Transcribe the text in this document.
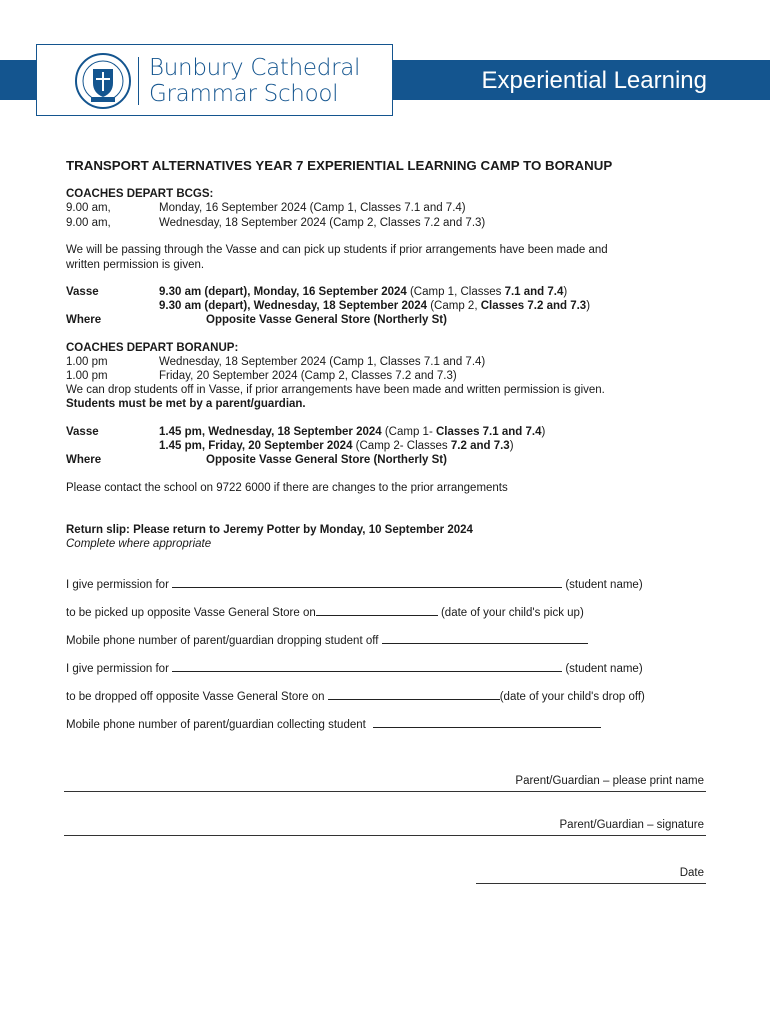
Experiential Learning
Bunbury Cathedral
Grammar School
TRANSPORT ALTERNATIVES YEAR 7 EXPERIENTIAL LEARNING CAMP TO BORANUP
COACHES DEPART BCGS:
9.00 am,	Monday, 16 September 2024 (Camp 1, Classes 7.1 and 7.4)
9.00 am,	Wednesday, 18 September 2024 (Camp 2, Classes 7.2 and 7.3)
We will be passing through the Vasse and can pick up students if prior arrangements have been made and
written permission is given.
Vasse	9.30 am (depart), Monday, 16 September 2024 (Camp 1, Classes 7.1 and 7.4)
9.30 am (depart), Wednesday, 18 September 2024 (Camp 2, Classes 7.2 and 7.3)
Where	Opposite Vasse General Store (Northerly St)
COACHES DEPART BORANUP:
1.00 pm	Wednesday, 18 September 2024 (Camp 1, Classes 7.1 and 7.4)
1.00 pm	Friday, 20 September 2024 (Camp 2, Classes 7.2 and 7.3)
We can drop students off in Vasse, if prior arrangements have been made and written permission is given.
Students must be met by a parent/guardian.
Vasse	1.45 pm, Wednesday, 18 September 2024 (Camp 1- Classes 7.1 and 7.4)
1.45 pm, Friday, 20 September 2024 (Camp 2- Classes 7.2 and 7.3)
Where	Opposite Vasse General Store (Northerly St)
Please contact the school on 9722 6000 if there are changes to the prior arrangements
Return slip: Please return to Jeremy Potter by Monday, 10 September 2024
Complete where appropriate
I give permission for	(student name)
to be picked up opposite Vasse General Store on	(date of your child's pick up)
Mobile phone number of parent/guardian dropping student off
I give permission for	(student name)
to be dropped off opposite Vasse General Store on	(date of your child's drop off)
Mobile phone number of parent/guardian collecting student
Parent/Guardian – please print name
Parent/Guardian – signature
Date
